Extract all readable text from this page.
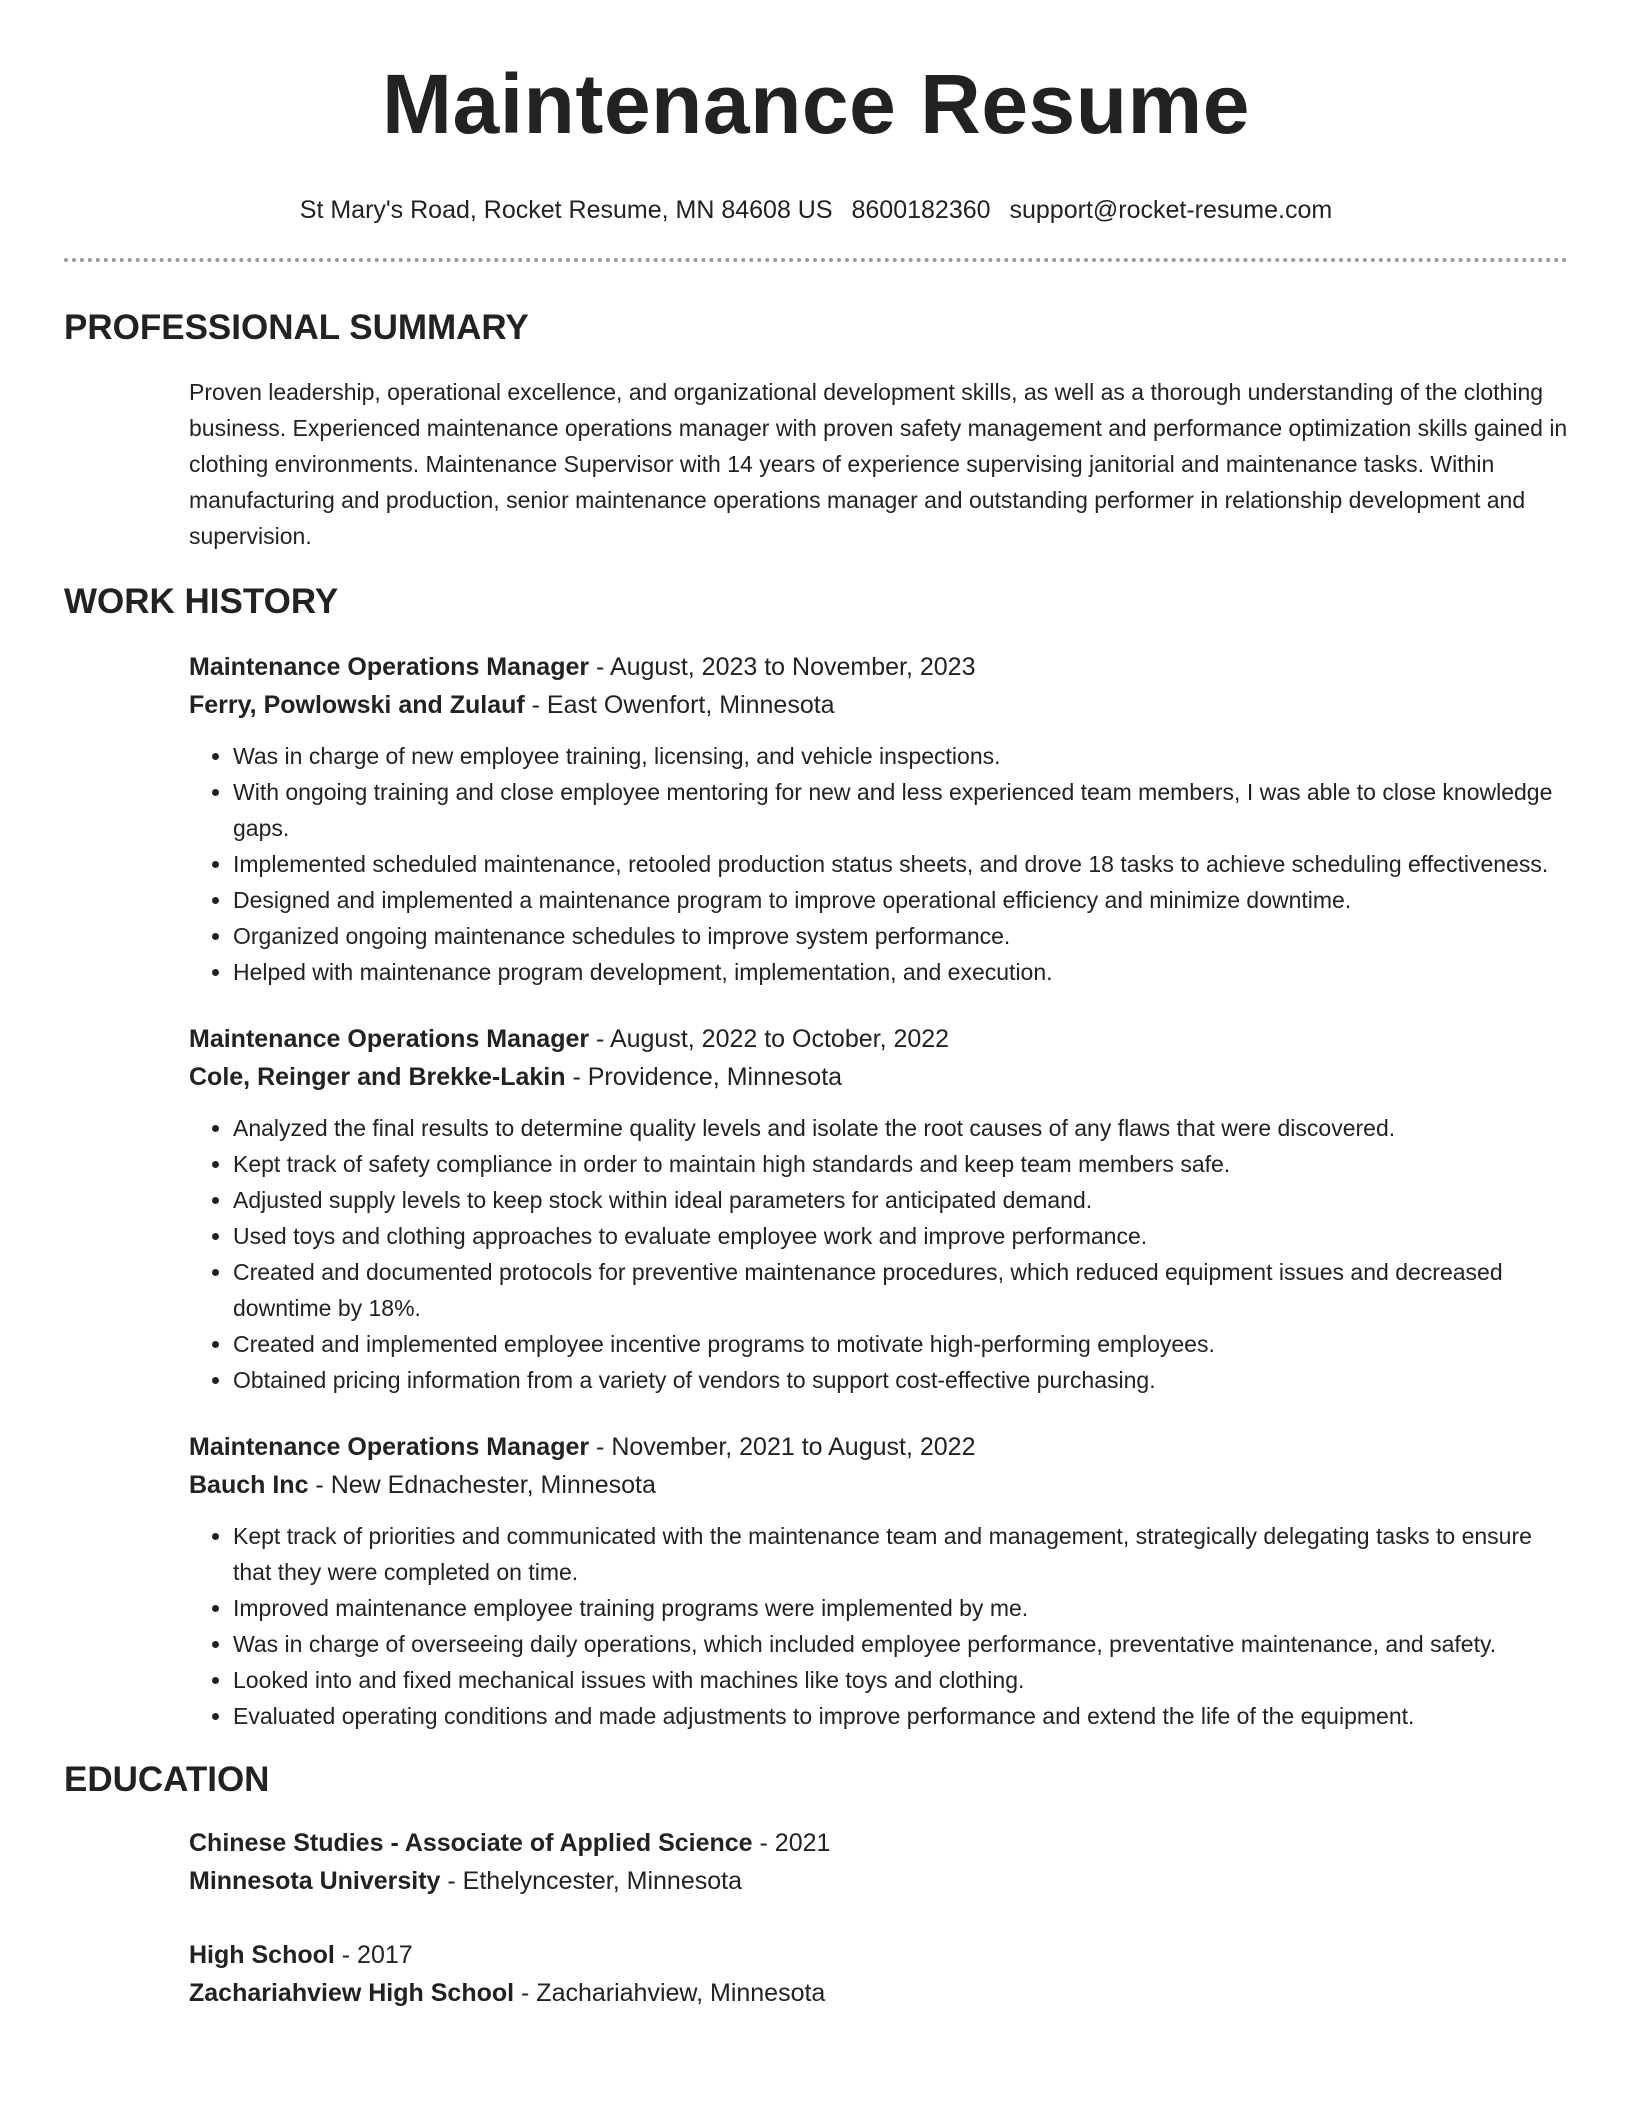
Maintenance Resume
St Mary's Road, Rocket Resume, MN 84608 US 8600182360 support@rocket-resume.com
PROFESSIONAL SUMMARY
Proven leadership, operational excellence, and organizational development skills, as well as a thorough understanding of the clothing business. Experienced maintenance operations manager with proven safety management and performance optimization skills gained in clothing environments. Maintenance Supervisor with 14 years of experience supervising janitorial and maintenance tasks. Within manufacturing and production, senior maintenance operations manager and outstanding performer in relationship development and supervision.
WORK HISTORY
Maintenance Operations Manager - August, 2023 to November, 2023
Ferry, Powlowski and Zulauf - East Owenfort, Minnesota
• Was in charge of new employee training, licensing, and vehicle inspections.
• With ongoing training and close employee mentoring for new and less experienced team members, I was able to close knowledge gaps.
• Implemented scheduled maintenance, retooled production status sheets, and drove 18 tasks to achieve scheduling effectiveness.
• Designed and implemented a maintenance program to improve operational efficiency and minimize downtime.
• Organized ongoing maintenance schedules to improve system performance.
• Helped with maintenance program development, implementation, and execution.
Maintenance Operations Manager - August, 2022 to October, 2022
Cole, Reinger and Brekke-Lakin - Providence, Minnesota
• Analyzed the final results to determine quality levels and isolate the root causes of any flaws that were discovered.
• Kept track of safety compliance in order to maintain high standards and keep team members safe.
• Adjusted supply levels to keep stock within ideal parameters for anticipated demand.
• Used toys and clothing approaches to evaluate employee work and improve performance.
• Created and documented protocols for preventive maintenance procedures, which reduced equipment issues and decreased downtime by 18%.
• Created and implemented employee incentive programs to motivate high-performing employees.
• Obtained pricing information from a variety of vendors to support cost-effective purchasing.
Maintenance Operations Manager - November, 2021 to August, 2022
Bauch Inc - New Ednachester, Minnesota
• Kept track of priorities and communicated with the maintenance team and management, strategically delegating tasks to ensure that they were completed on time.
• Improved maintenance employee training programs were implemented by me.
• Was in charge of overseeing daily operations, which included employee performance, preventative maintenance, and safety.
• Looked into and fixed mechanical issues with machines like toys and clothing.
• Evaluated operating conditions and made adjustments to improve performance and extend the life of the equipment.
EDUCATION
Chinese Studies - Associate of Applied Science - 2021
Minnesota University - Ethelyncester, Minnesota
High School - 2017
Zachariahview High School - Zachariahview, Minnesota
